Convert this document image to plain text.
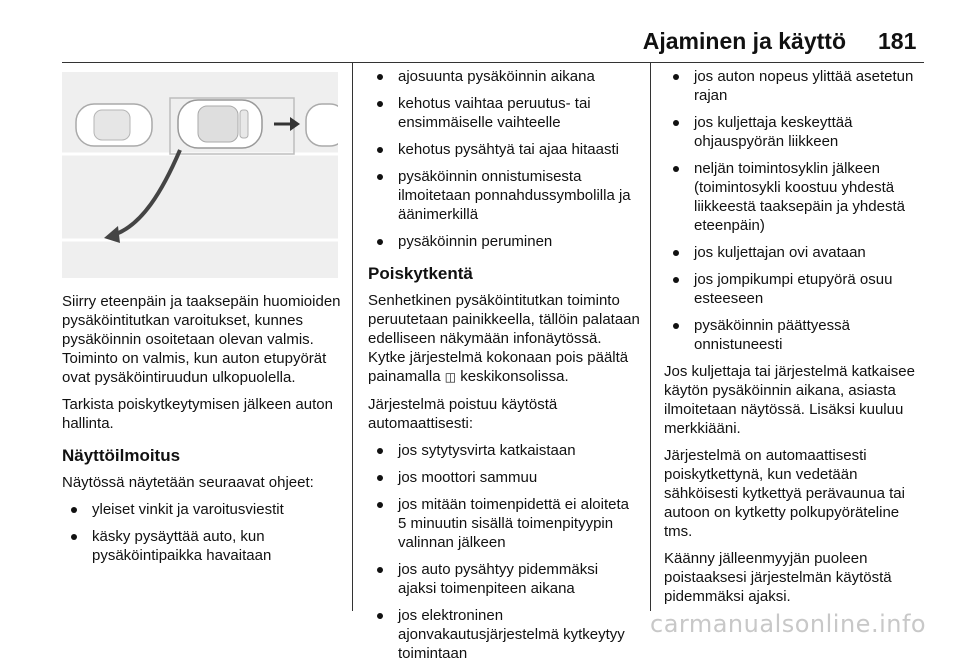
Ajaminen ja käyttö 181

Siirry eteenpäin ja taaksepäin huomioiden pysäköintitutkan varoitukset, kunnes pysäköinnin osoitetaan olevan valmis. Toiminto on valmis, kun auton etupyörät ovat pysäköintiruudun ulkopuolella.

Tarkista poiskytkeytymisen jälkeen auton hallinta.

Näyttöilmoitus

Näytössä näytetään seuraavat ohjeet:

yleiset vinkit ja varoitusviestit
käsky pysäyttää auto, kun pysäköintipaikka havaitaan
ajosuunta pysäköinnin aikana
kehotus vaihtaa peruutus- tai ensimmäiselle vaihteelle
kehotus pysähtyä tai ajaa hitaasti
pysäköinnin onnistumisesta ilmoitetaan ponnahdussymbolilla ja äänimerkillä
pysäköinnin peruminen
Poiskytkentä

Senhetkinen pysäköintitutkan toiminto peruutetaan painikkeella, tällöin palataan edelliseen näkymään infonäytössä. Kytke järjestelmä kokonaan pois päältä painamalla ◫ keskikonsolissa.

Järjestelmä poistuu käytöstä automaattisesti:

jos sytytysvirta katkaistaan
jos moottori sammuu
jos mitään toimenpidettä ei aloiteta 5 minuutin sisällä toimenpityypin valinnan jälkeen
jos auto pysähtyy pidemmäksi ajaksi toimenpiteen aikana
jos elektroninen ajonvakautusjärjestelmä kytkeytyy toimintaan
jos auton nopeus ylittää asetetun rajan
jos kuljettaja keskeyttää ohjauspyörän liikkeen
neljän toimintosyklin jälkeen (toimintosykli koostuu yhdestä liikkeestä taaksepäin ja yhdestä eteenpäin)
jos kuljettajan ovi avataan
jos jompikumpi etupyörä osuu esteeseen
pysäköinnin päättyessä onnistuneesti

Jos kuljettaja tai järjestelmä katkaisee käytön pysäköinnin aikana, asiasta ilmoitetaan näytössä. Lisäksi kuuluu merkkiääni.

Järjestelmä on automaattisesti poiskytkettynä, kun vedetään sähköisesti kytkettyä perävaunua tai autoon on kytketty polkupyöräteline tms.

Käänny jälleenmyyjän puoleen poistaaksesi järjestelmän käytöstä pidemmäksi ajaksi.

carmanualsonline.info
